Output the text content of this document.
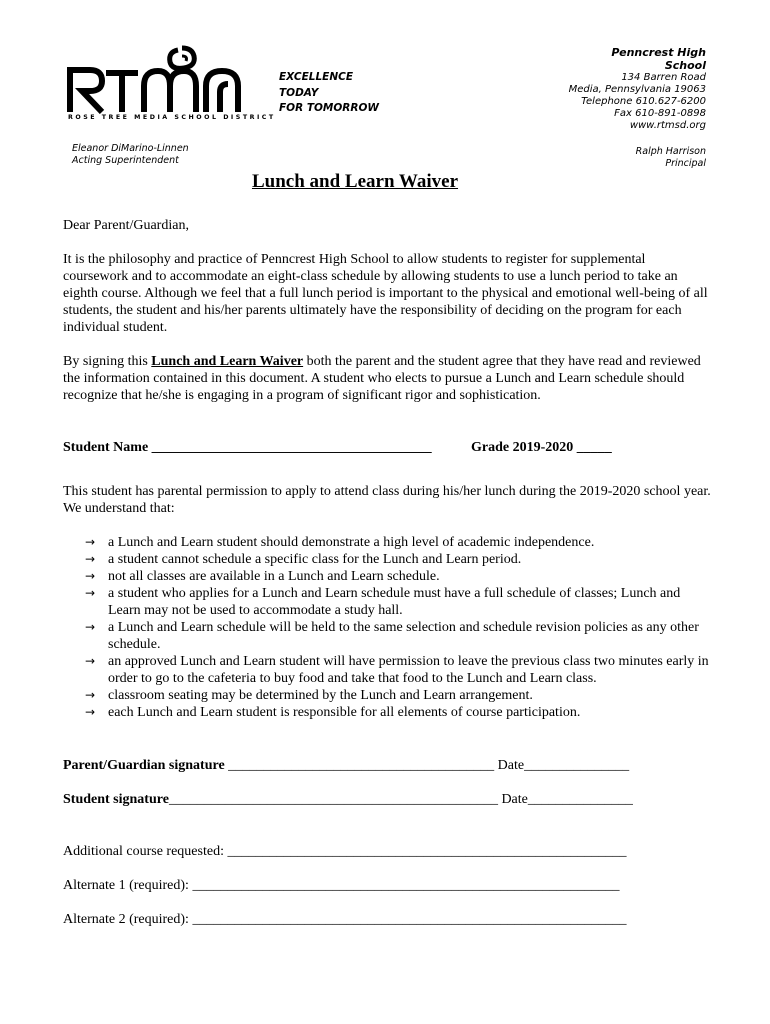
ROSE TREE MEDIA SCHOOL DISTRICT
EXCELLENCE
TODAY
FOR TOMORROW
Penncrest High
School
134 Barren Road
Media, Pennsylvania 19063
Telephone 610.627-6200
Fax 610-891-0898
www.rtmsd.org
Eleanor DiMarino-Linnen
Acting Superintendent
Ralph Harrison
Principal
Lunch and Learn Waiver
Dear Parent/Guardian,
It is the philosophy and practice of Penncrest High School to allow students to register for supplemental coursework and to accommodate an eight-class schedule by allowing students to use a lunch period to take an eighth course. Although we feel that a full lunch period is important to the physical and emotional well-being of all students, the student and his/her parents ultimately have the responsibility of deciding on the program for each individual student.
By signing this Lunch and Learn Waiver both the parent and the student agree that they have read and reviewed the information contained in this document. A student who elects to pursue a Lunch and Learn schedule should recognize that he/she is engaging in a program of significant rigor and sophistication.
Student Name ________________________________________	Grade 2019-2020 _____
This student has parental permission to apply to attend class during his/her lunch during the 2019-2020 school year. We understand that:
→ a Lunch and Learn student should demonstrate a high level of academic independence.
→ a student cannot schedule a specific class for the Lunch and Learn period.
→ not all classes are available in a Lunch and Learn schedule.
→ a student who applies for a Lunch and Learn schedule must have a full schedule of classes; Lunch and Learn may not be used to accommodate a study hall.
→ a Lunch and Learn schedule will be held to the same selection and schedule revision policies as any other schedule.
→ an approved Lunch and Learn student will have permission to leave the previous class two minutes early in order to go to the cafeteria to buy food and take that food to the Lunch and Learn class.
→ classroom seating may be determined by the Lunch and Learn arrangement.
→ each Lunch and Learn student is responsible for all elements of course participation.
Parent/Guardian signature ______________________________________ Date_______________
Student signature_______________________________________________ Date_______________
Additional course requested: _________________________________________________________
Alternate 1 (required): _____________________________________________________________
Alternate 2 (required): ______________________________________________________________
